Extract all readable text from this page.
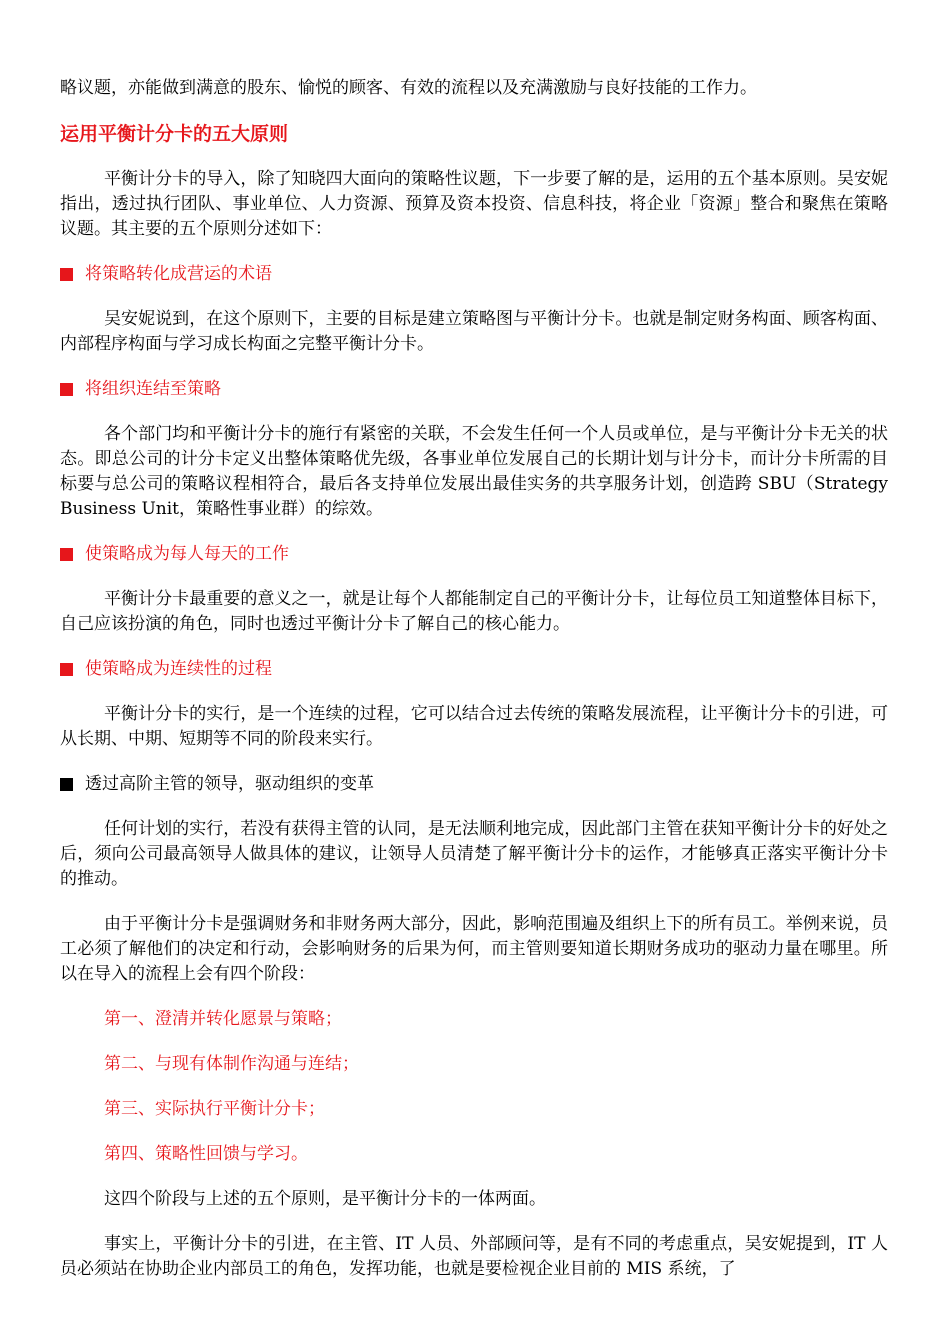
略议题，亦能做到满意的股东、愉悦的顾客、有效的流程以及充满激励与良好技能的工作力。

运用平衡计分卡的五大原则

平衡计分卡的导入，除了知晓四大面向的策略性议题，下一步要了解的是，运用的五个基本原则。吴安妮指出，透过执行团队、事业单位、人力资源、预算及资本投资、信息科技，将企业「资源」整合和聚焦在策略议题。其主要的五个原则分述如下：

将策略转化成营运的术语

吴安妮说到，在这个原则下，主要的目标是建立策略图与平衡计分卡。也就是制定财务构面、顾客构面、内部程序构面与学习成长构面之完整平衡计分卡。

将组织连结至策略

各个部门均和平衡计分卡的施行有紧密的关联，不会发生任何一个人员或单位，是与平衡计分卡无关的状态。即总公司的计分卡定义出整体策略优先级，各事业单位发展自己的长期计划与计分卡，而计分卡所需的目标要与总公司的策略议程相符合，最后各支持单位发展出最佳实务的共享服务计划，创造跨 SBU（Strategy Business Unit，策略性事业群）的综效。

使策略成为每人每天的工作

平衡计分卡最重要的意义之一，就是让每个人都能制定自己的平衡计分卡，让每位员工知道整体目标下，自己应该扮演的角色，同时也透过平衡计分卡了解自己的核心能力。

使策略成为连续性的过程

平衡计分卡的实行，是一个连续的过程，它可以结合过去传统的策略发展流程，让平衡计分卡的引进，可从长期、中期、短期等不同的阶段来实行。

透过高阶主管的领导，驱动组织的变革

任何计划的实行，若没有获得主管的认同，是无法顺利地完成，因此部门主管在获知平衡计分卡的好处之后，须向公司最高领导人做具体的建议，让领导人员清楚了解平衡计分卡的运作，才能够真正落实平衡计分卡的推动。

由于平衡计分卡是强调财务和非财务两大部分，因此，影响范围遍及组织上下的所有员工。举例来说，员工必须了解他们的决定和行动，会影响财务的后果为何，而主管则要知道长期财务成功的驱动力量在哪里。所以在导入的流程上会有四个阶段：

第一、澄清并转化愿景与策略；

第二、与现有体制作沟通与连结；

第三、实际执行平衡计分卡；

第四、策略性回馈与学习。

这四个阶段与上述的五个原则，是平衡计分卡的一体两面。

事实上，平衡计分卡的引进，在主管、IT 人员、外部顾问等，是有不同的考虑重点，吴安妮提到，IT 人员必须站在协助企业内部员工的角色，发挥功能，也就是要检视企业目前的 MIS 系统，了
